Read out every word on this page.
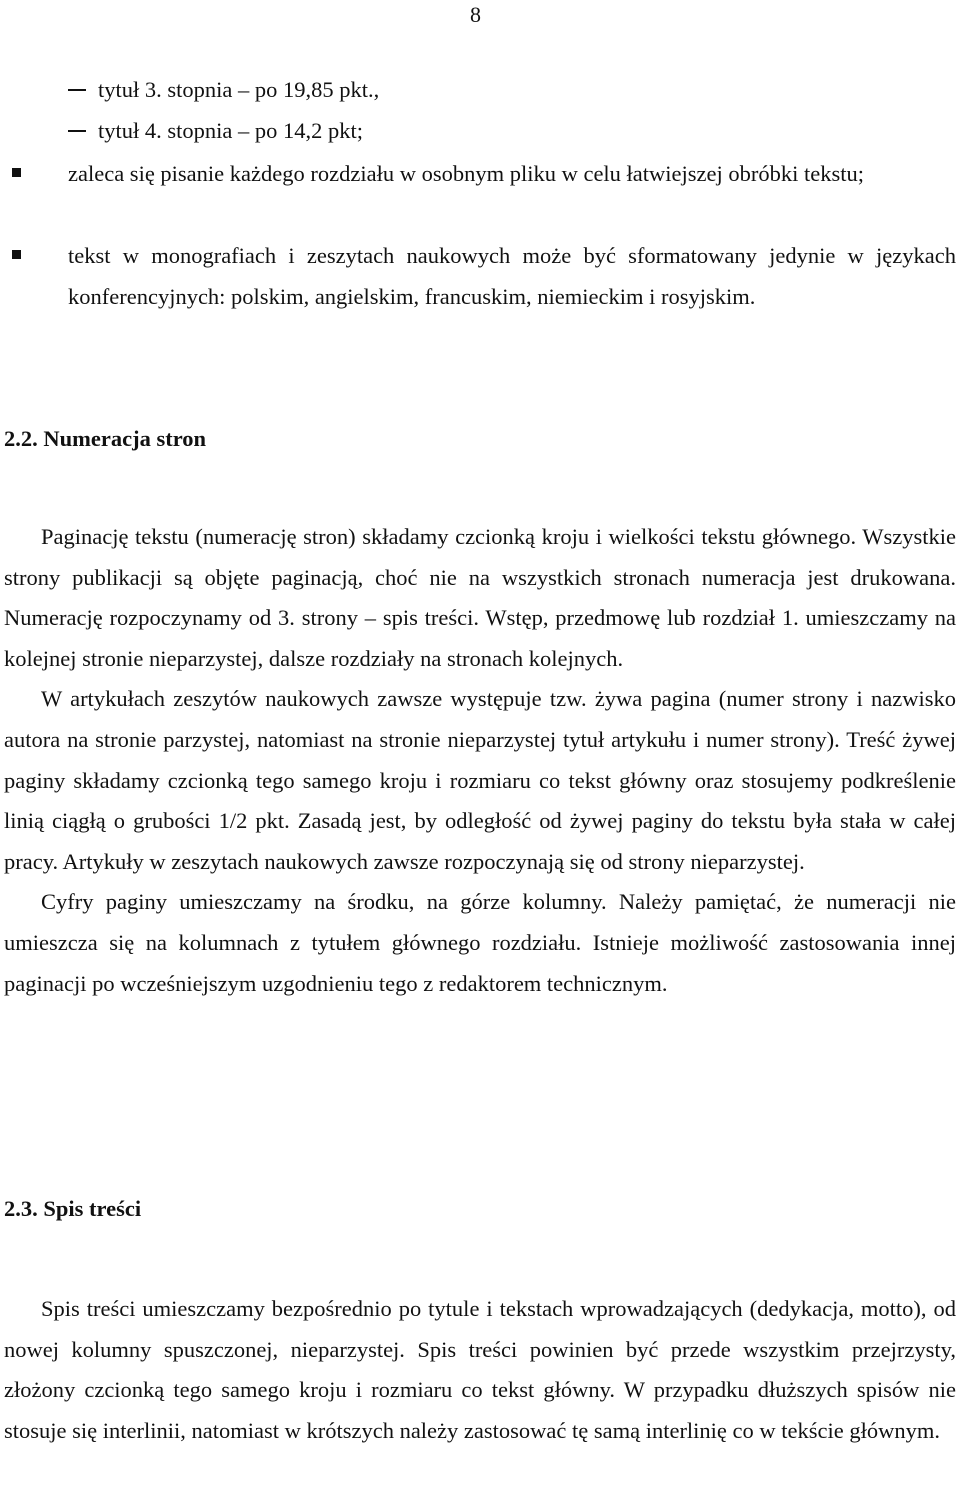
8
tytuł 3. stopnia – po 19,85 pkt.,
tytuł 4. stopnia – po 14,2 pkt;
zaleca się pisanie każdego rozdziału w osobnym pliku w celu łatwiejszej obróbki tekstu;
tekst w monografiach i zeszytach naukowych może być sformatowany jedynie w językach konferencyjnych: polskim, angielskim, francuskim, niemieckim i rosyjskim.
2.2. Numeracja stron
Paginację tekstu (numerację stron) składamy czcionką kroju i wielkości tekstu głównego. Wszystkie strony publikacji są objęte paginacją, choć nie na wszystkich stronach numeracja jest drukowana. Numerację rozpoczynamy od 3. strony – spis treści. Wstęp, przedmowę lub rozdział 1. umieszczamy na kolejnej stronie nieparzystej, dalsze rozdziały na stronach kolejnych.
W artykułach zeszytów naukowych zawsze występuje tzw. żywa pagina (numer strony i nazwisko autora na stronie parzystej, natomiast na stronie nieparzystej tytuł artykułu i numer strony). Treść żywej paginy składamy czcionką tego samego kroju i rozmiaru co tekst główny oraz stosujemy podkreślenie linią ciągłą o grubości 1/2 pkt. Zasadą jest, by odległość od żywej paginy do tekstu była stała w całej pracy. Artykuły w zeszytach naukowych zawsze rozpoczynają się od strony nieparzystej.
Cyfry paginy umieszczamy na środku, na górze kolumny. Należy pamiętać, że numeracji nie umieszcza się na kolumnach z tytułem głównego rozdziału. Istnieje możliwość zastosowania innej paginacji po wcześniejszym uzgodnieniu tego z redaktorem technicznym.
2.3. Spis treści
Spis treści umieszczamy bezpośrednio po tytule i tekstach wprowadzających (dedykacja, motto), od nowej kolumny spuszczonej, nieparzystej. Spis treści powinien być przede wszystkim przejrzysty, złożony czcionką tego samego kroju i rozmiaru co tekst główny. W przypadku dłuższych spisów nie stosuje się interlinii, natomiast w krótszych należy zastosować tę samą interlinię co w tekście głównym.
